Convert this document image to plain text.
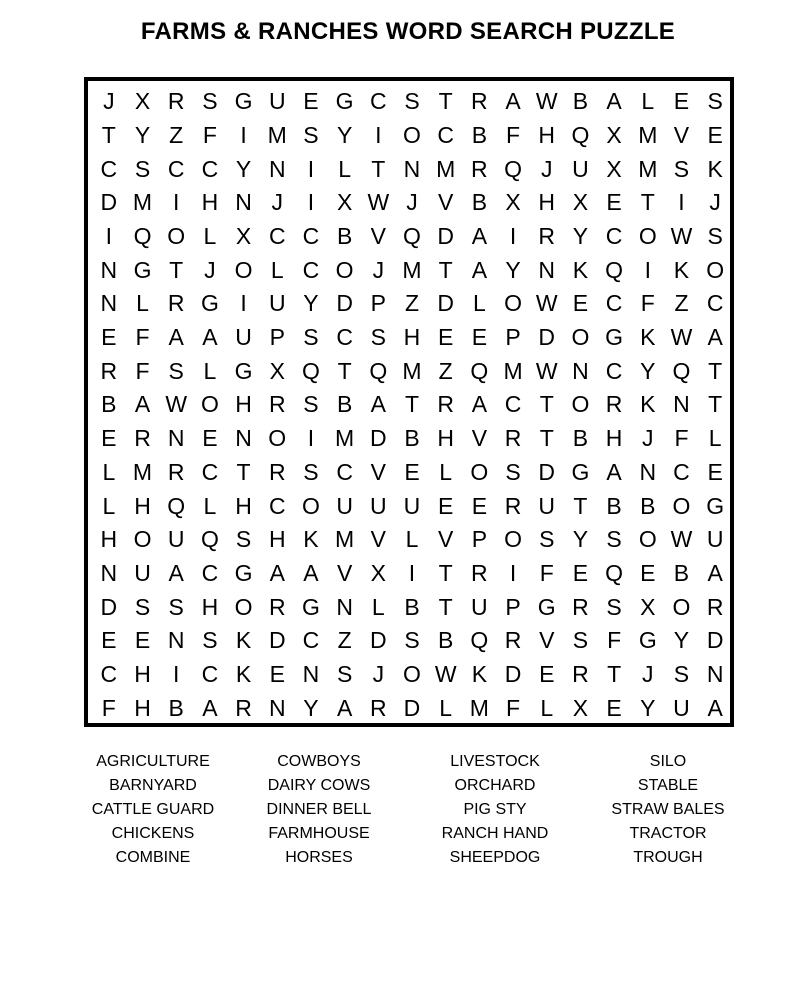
FARMS & RANCHES WORD SEARCH PUZZLE
J X R S G U E G C S T R A W B A L E S
T Y Z F	I M S Y I O C B F H Q X M V E
C S C C Y N I	L T N M R Q J U X M S K
D M I H N J	I X W J V B X H X E T	I	J
I Q O L X C C B V Q D A I R Y C O W S
N G T J O L C O J M T A Y N K Q I K O
N L R G I U Y D P Z D L O W E C F Z C
E F A A U P S C S H E E P D O G K W A
R F S L G X Q T Q M Z Q M W N C Y Q T
B A W O H R S B A T R A C T O R K N T
E R N E N O I M D B H V R T B H J F L
L M R C T R S C V E L O S D G A N C E
L H Q L H C O U U U E E R U T B B O G
H O U Q S H K M V L V P O S Y S O W U
N U A C G A A V X I	T R I	F E Q E B A
D S S H O R G N L B T U P G R S X O R
E E N S K D C Z D S B Q R V S F G Y D
C H I C K E N S J O W K D E R T J S N
F H B A R N Y A R D L M F L X E Y U A
AGRICULTURE
BARNYARD
CATTLE GUARD
CHICKENS
COMBINE
COWBOYS
DAIRY COWS
DINNER BELL
FARMHOUSE
HORSES
LIVESTOCK
ORCHARD
PIG STY
RANCH HAND
SHEEPDOG
SILO
STABLE
STRAW BALES
TRACTOR
TROUGH
